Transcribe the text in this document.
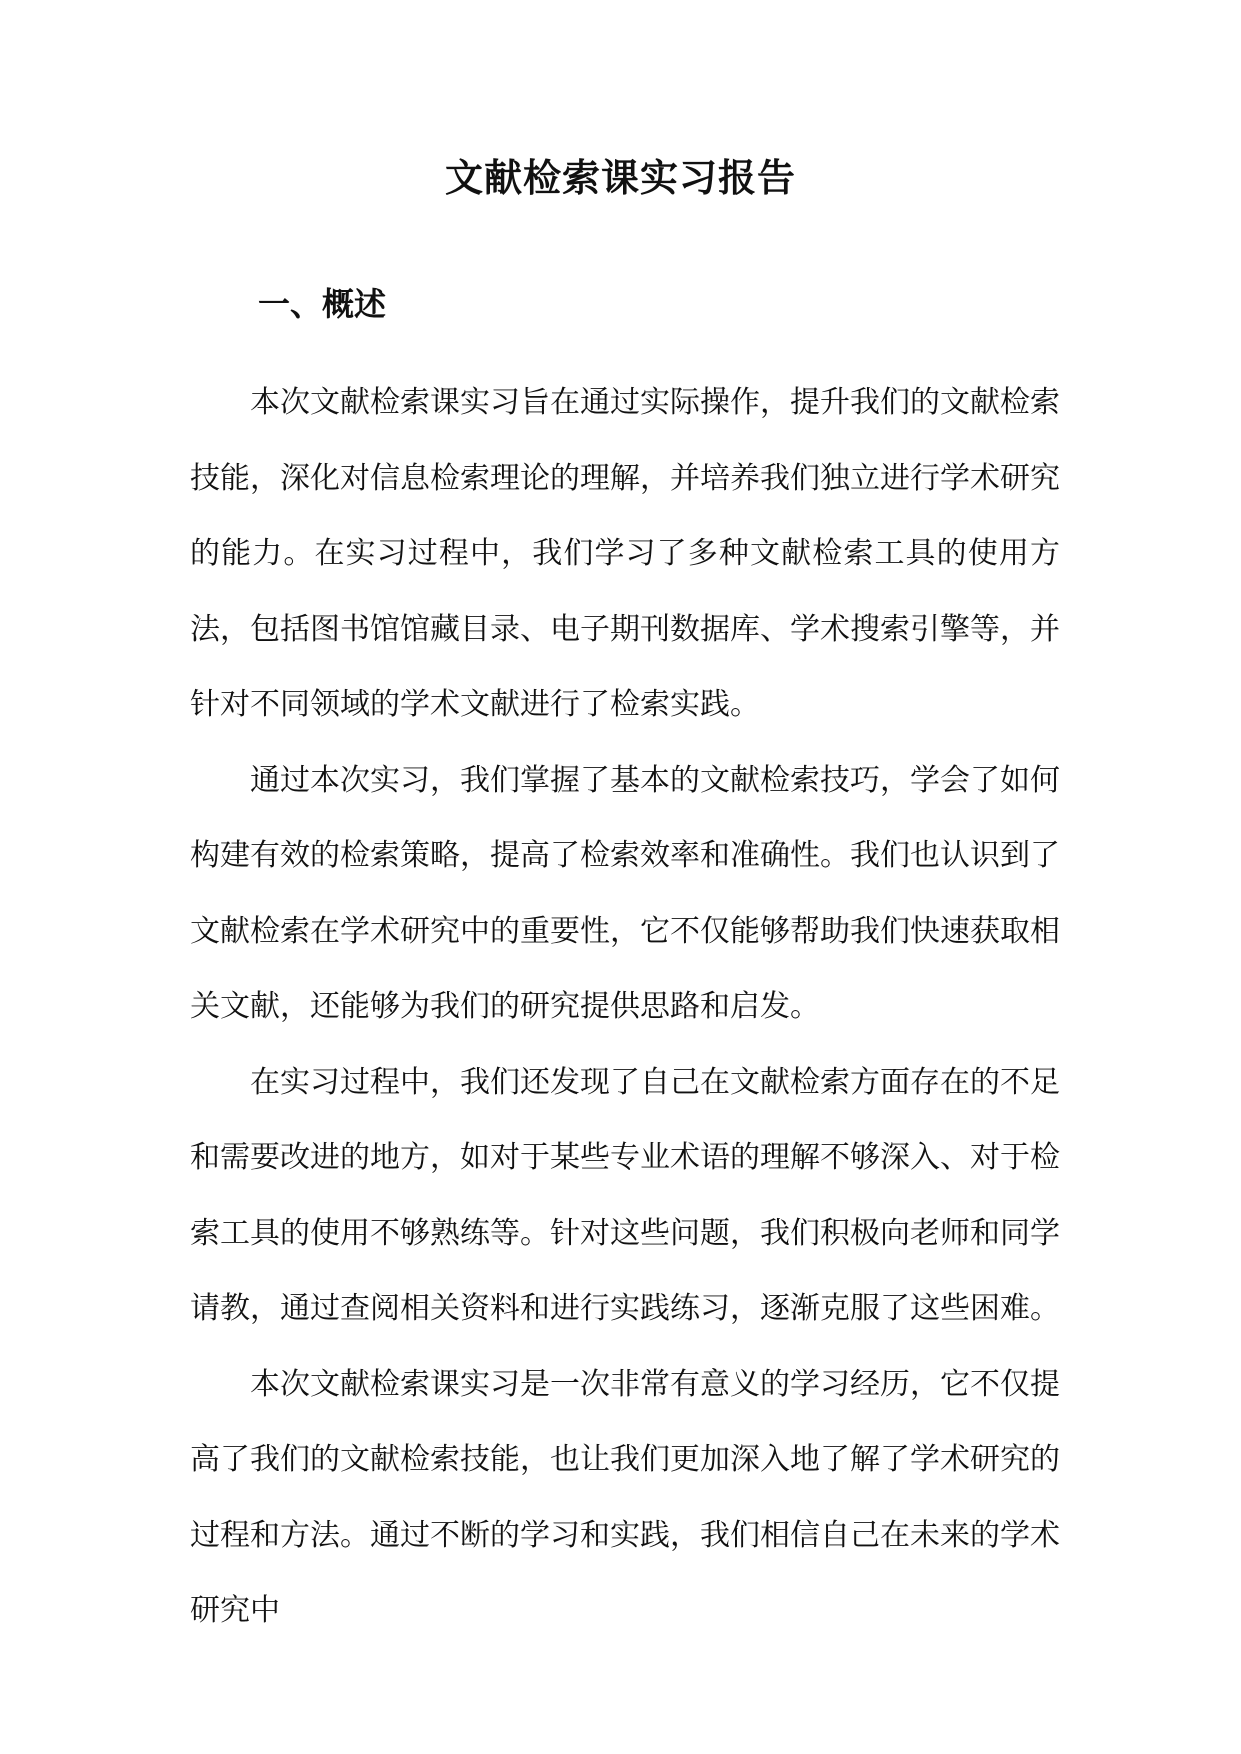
文献检索课实习报告
一、概述

本次文献检索课实习旨在通过实际操作，提升我们的文献检索技能，深化对信息检索理论的理解，并培养我们独立进行学术研究的能力。在实习过程中，我们学习了多种文献检索工具的使用方法，包括图书馆馆藏目录、电子期刊数据库、学术搜索引擎等，并针对不同领域的学术文献进行了检索实践。

通过本次实习，我们掌握了基本的文献检索技巧，学会了如何构建有效的检索策略，提高了检索效率和准确性。我们也认识到了文献检索在学术研究中的重要性，它不仅能够帮助我们快速获取相关文献，还能够为我们的研究提供思路和启发。

在实习过程中，我们还发现了自己在文献检索方面存在的不足和需要改进的地方，如对于某些专业术语的理解不够深入、对于检索工具的使用不够熟练等。针对这些问题，我们积极向老师和同学请教，通过查阅相关资料和进行实践练习，逐渐克服了这些困难。

本次文献检索课实习是一次非常有意义的学习经历，它不仅提高了我们的文献检索技能，也让我们更加深入地了解了学术研究的过程和方法。通过不断的学习和实践，我们相信自己在未来的学术研究中
